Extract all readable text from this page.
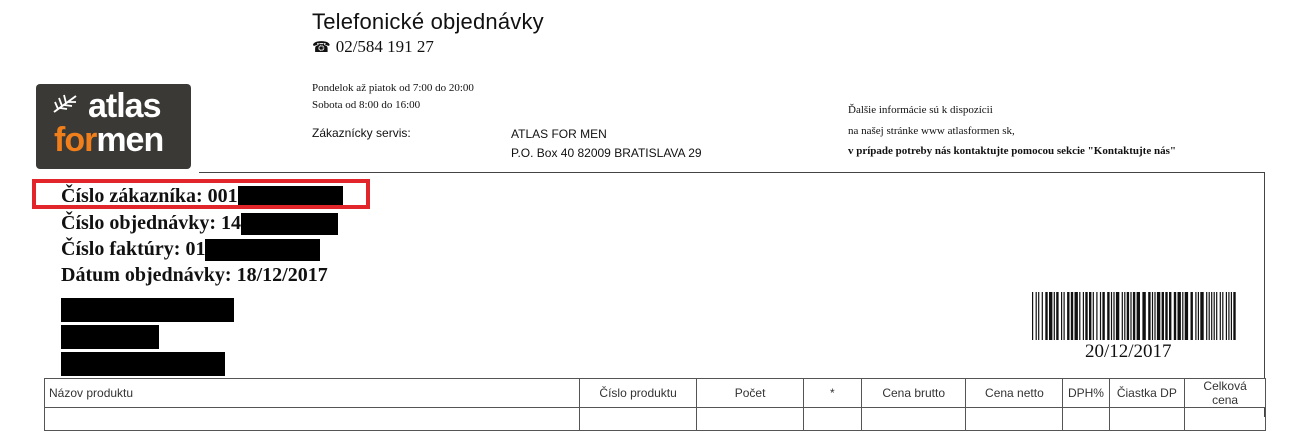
Telefonické objednávky
☎ 02/584 191 27
atlas
formen
Pondelok až piatok od 7:00 do 20:00
Sobota od 8:00 do 16:00
Zákaznícky servis:	ATLAS FOR MEN
P.O. Box 40 82009 BRATISLAVA 29
Ďalšie informácie sú k dispozícii
na našej stránke www atlasformen sk,
v prípade potreby nás kontaktujte pomocou sekcie "Kontaktujte nás"
Číslo zákazníka: 001
Číslo objednávky: 14
Číslo faktúry: 01
Dátum objednávky: 18/12/2017
20/12/2017
Názov produktu	Číslo produktu	Počet	*	Cena brutto	Cena netto	DPH%	Čiastka DP	Celková cena
